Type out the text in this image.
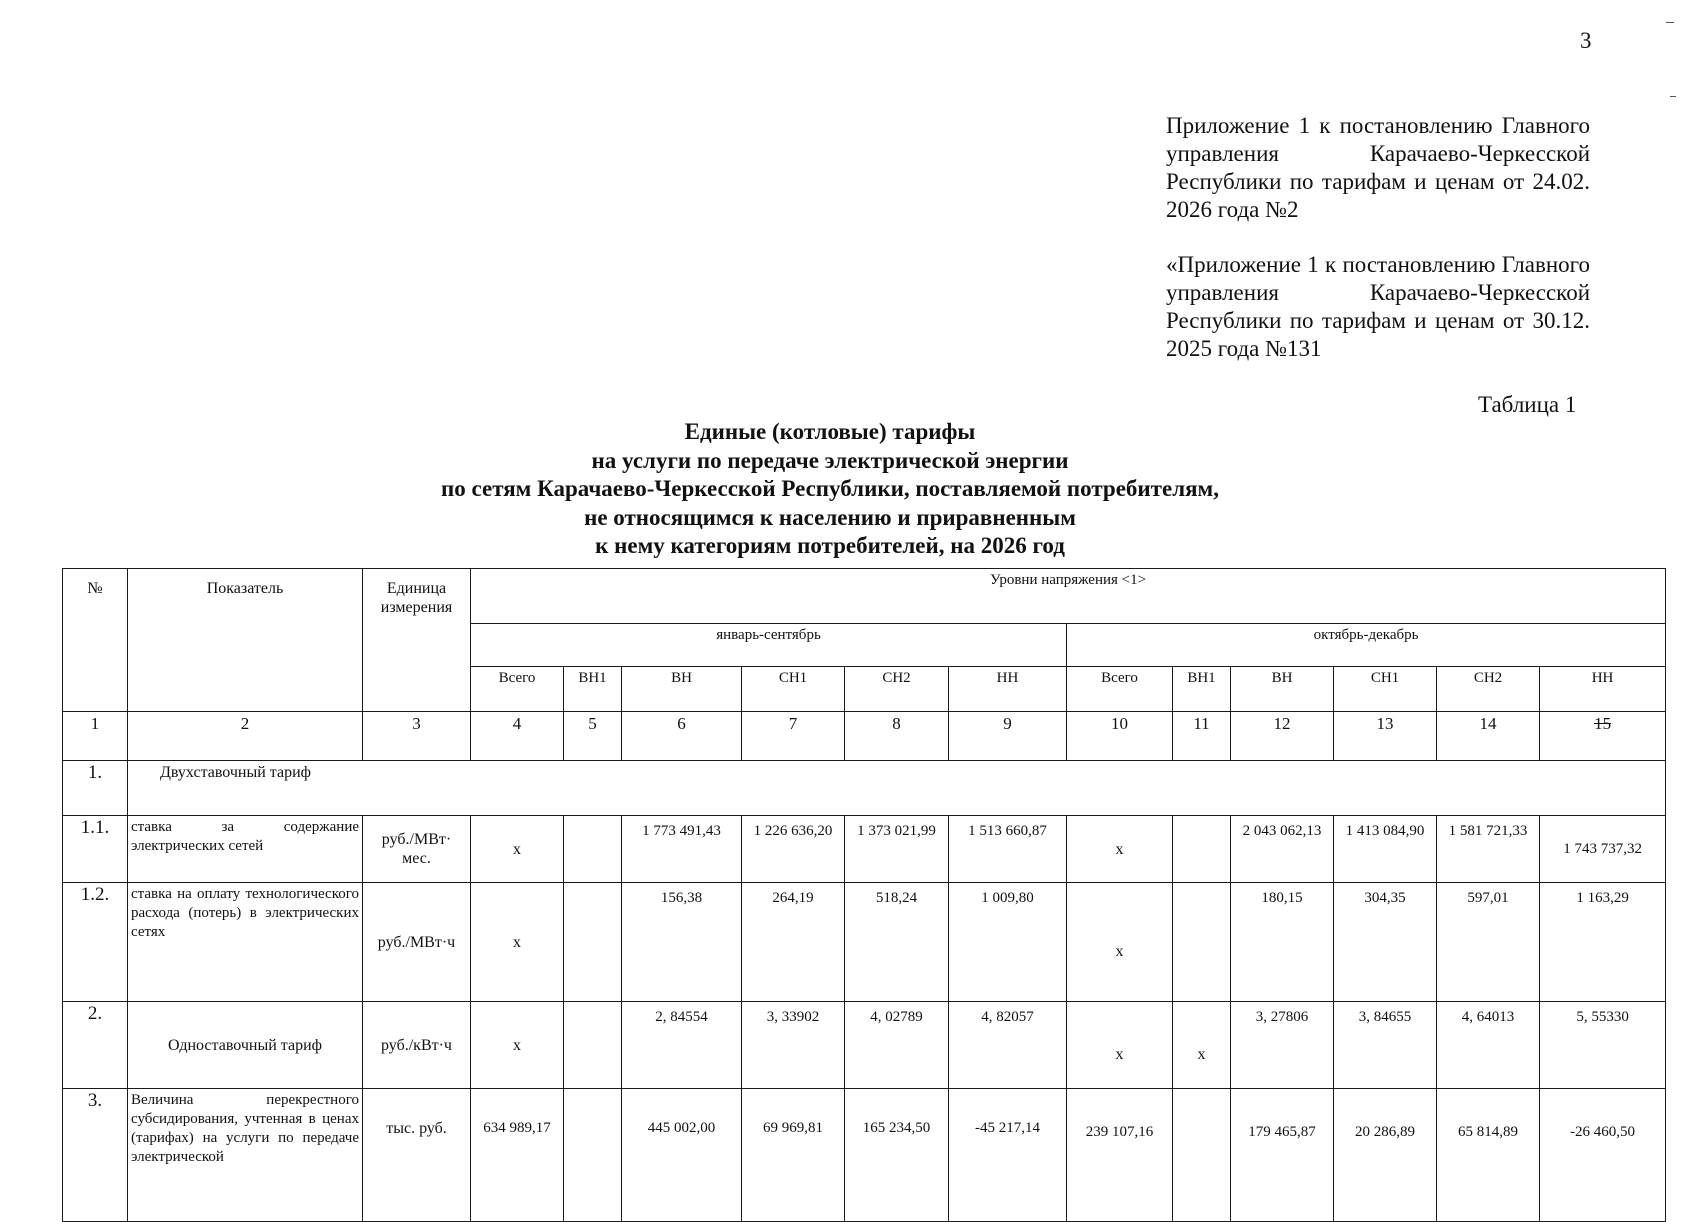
3

Приложение 1 к постановлению Главного управления Карачаево-Черкесской Республики по тарифам и ценам от 24.02. 2026 года №2

«Приложение 1 к постановлению Главного управления Карачаево-Черкесской Республики по тарифам и ценам от 30.12. 2025 года №131

Таблица 1
Единые (котловые) тарифы
на услуги по передаче электрической энергии
по сетям Карачаево-Черкесской Республики, поставляемой потребителям,
не относящимся к населению и приравненным
к нему категориям потребителей, на 2026 год
№	Показатель	Единица измерения	Уровни напряжения <1>											
			январь-сентябрь						октябрь-декабрь					
			Всего	ВН1	ВН	СН1	СН2	НН	Всего	ВН1	ВН	СН1	СН2	НН
1	2	3	4	5	6	7	8	9	10	11	12	13	14	15
1.	Двухставочный тариф													
1.1.	ставка за содержание электрических сетей	руб./МВт· мес.	х		1 773 491,43	1 226 636,20	1 373 021,99	1 513 660,87	х		2 043 062,13	1 413 084,90	1 581 721,33	1 743 737,32
1.2.	ставка на оплату технологического расхода (потерь) в электрических сетях	руб./МВт·ч	х		156,38	264,19	518,24	1 009,80	х		180,15	304,35	597,01	1 163,29
2.	Одноставочный тариф	руб./кВт·ч	х		2, 84554	3, 33902	4, 02789	4, 82057	х	х	3, 27806	3, 84655	4, 64013	5, 55330
3.	Величина перекрестного субсидирования, учтенная в ценах (тарифах) на услуги по передаче электрической	тыс. руб.	634 989,17		445 002,00	69 969,81	165 234,50	-45 217,14	239 107,16		179 465,87	20 286,89	65 814,89	-26 460,50
